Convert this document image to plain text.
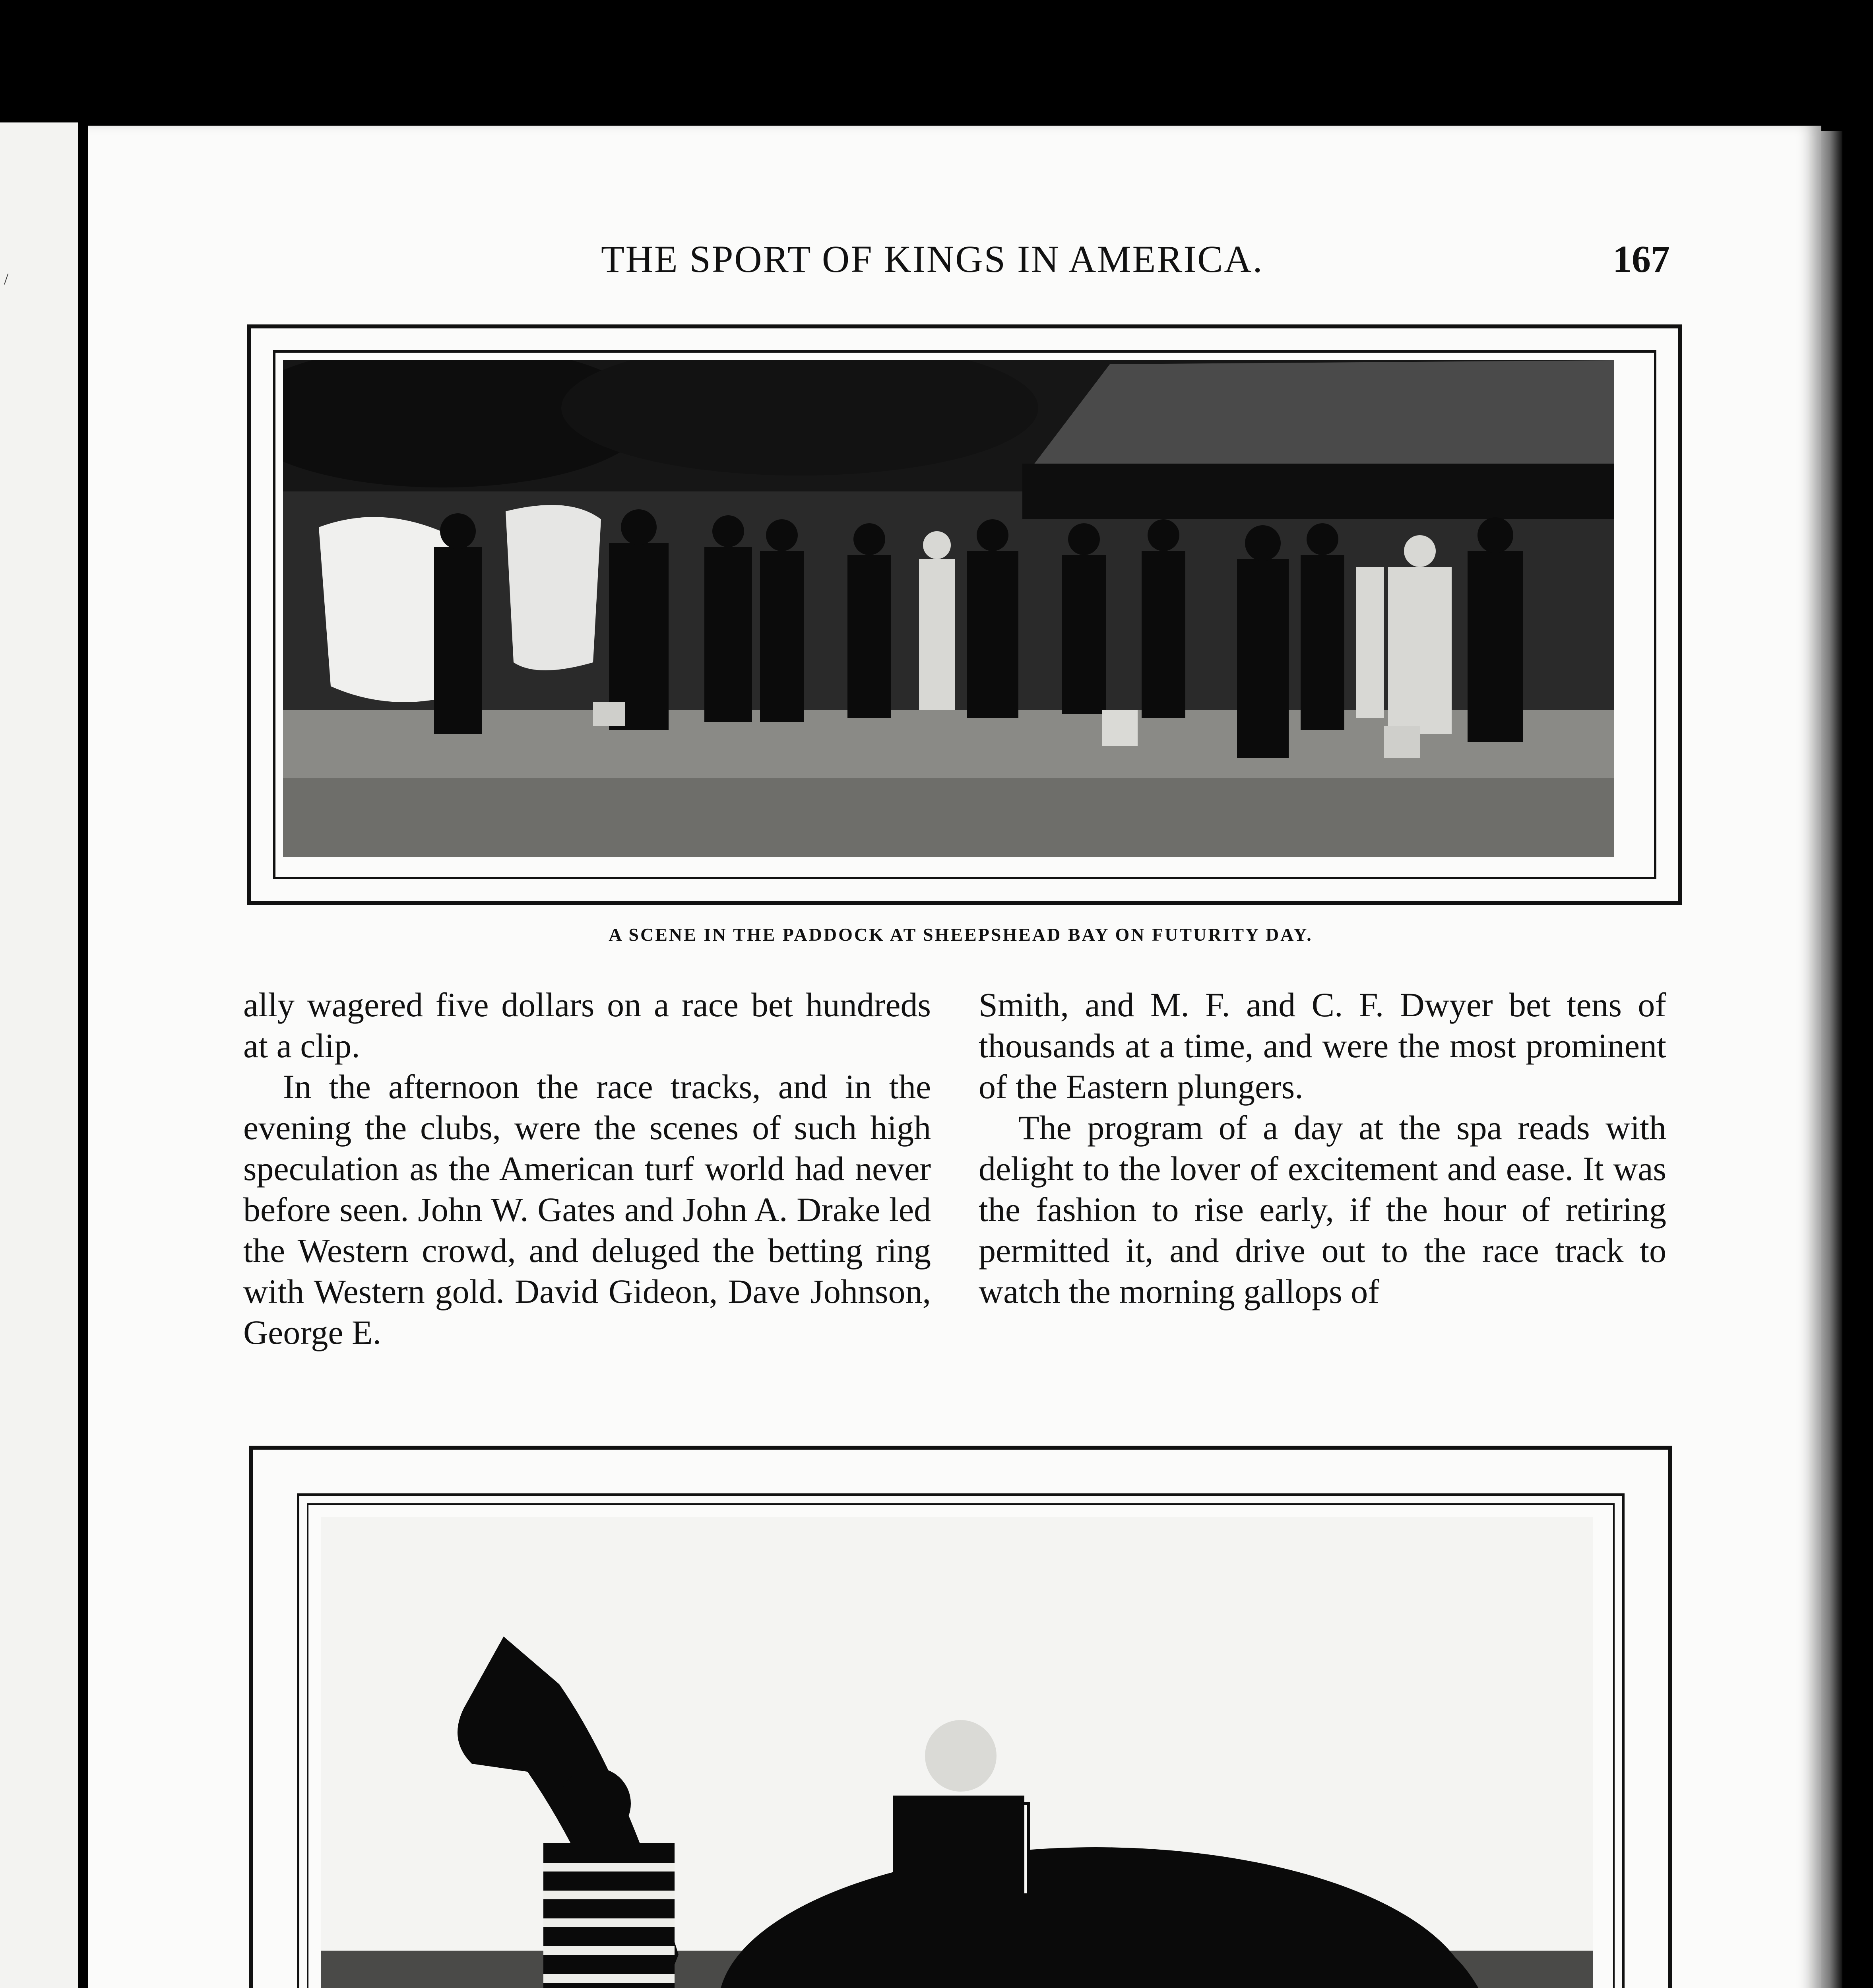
/	THE SPORT OF KINGS IN AMERICA.	167
A SCENE IN THE PADDOCK AT SHEEPSHEAD BAY ON FUTURITY DAY.

ally wagered five dollars on a race bet hundreds at a clip.

In the afternoon the race tracks, and in the evening the clubs, were the scenes of such high speculation as the American turf world had never before seen. John W. Gates and John A. Drake led the Western crowd, and deluged the betting ring with Western gold. David Gideon, Dave Johnson, George E.

Smith, and M. F. and C. F. Dwyer bet tens of thousands at a time, and were the most prominent of the Eastern plungers.

The program of a day at the spa reads with delight to the lover of excitement and ease. It was the fashion to rise early, if the hour of retiring permitted it, and drive out to the race track to watch the morning gallops of
